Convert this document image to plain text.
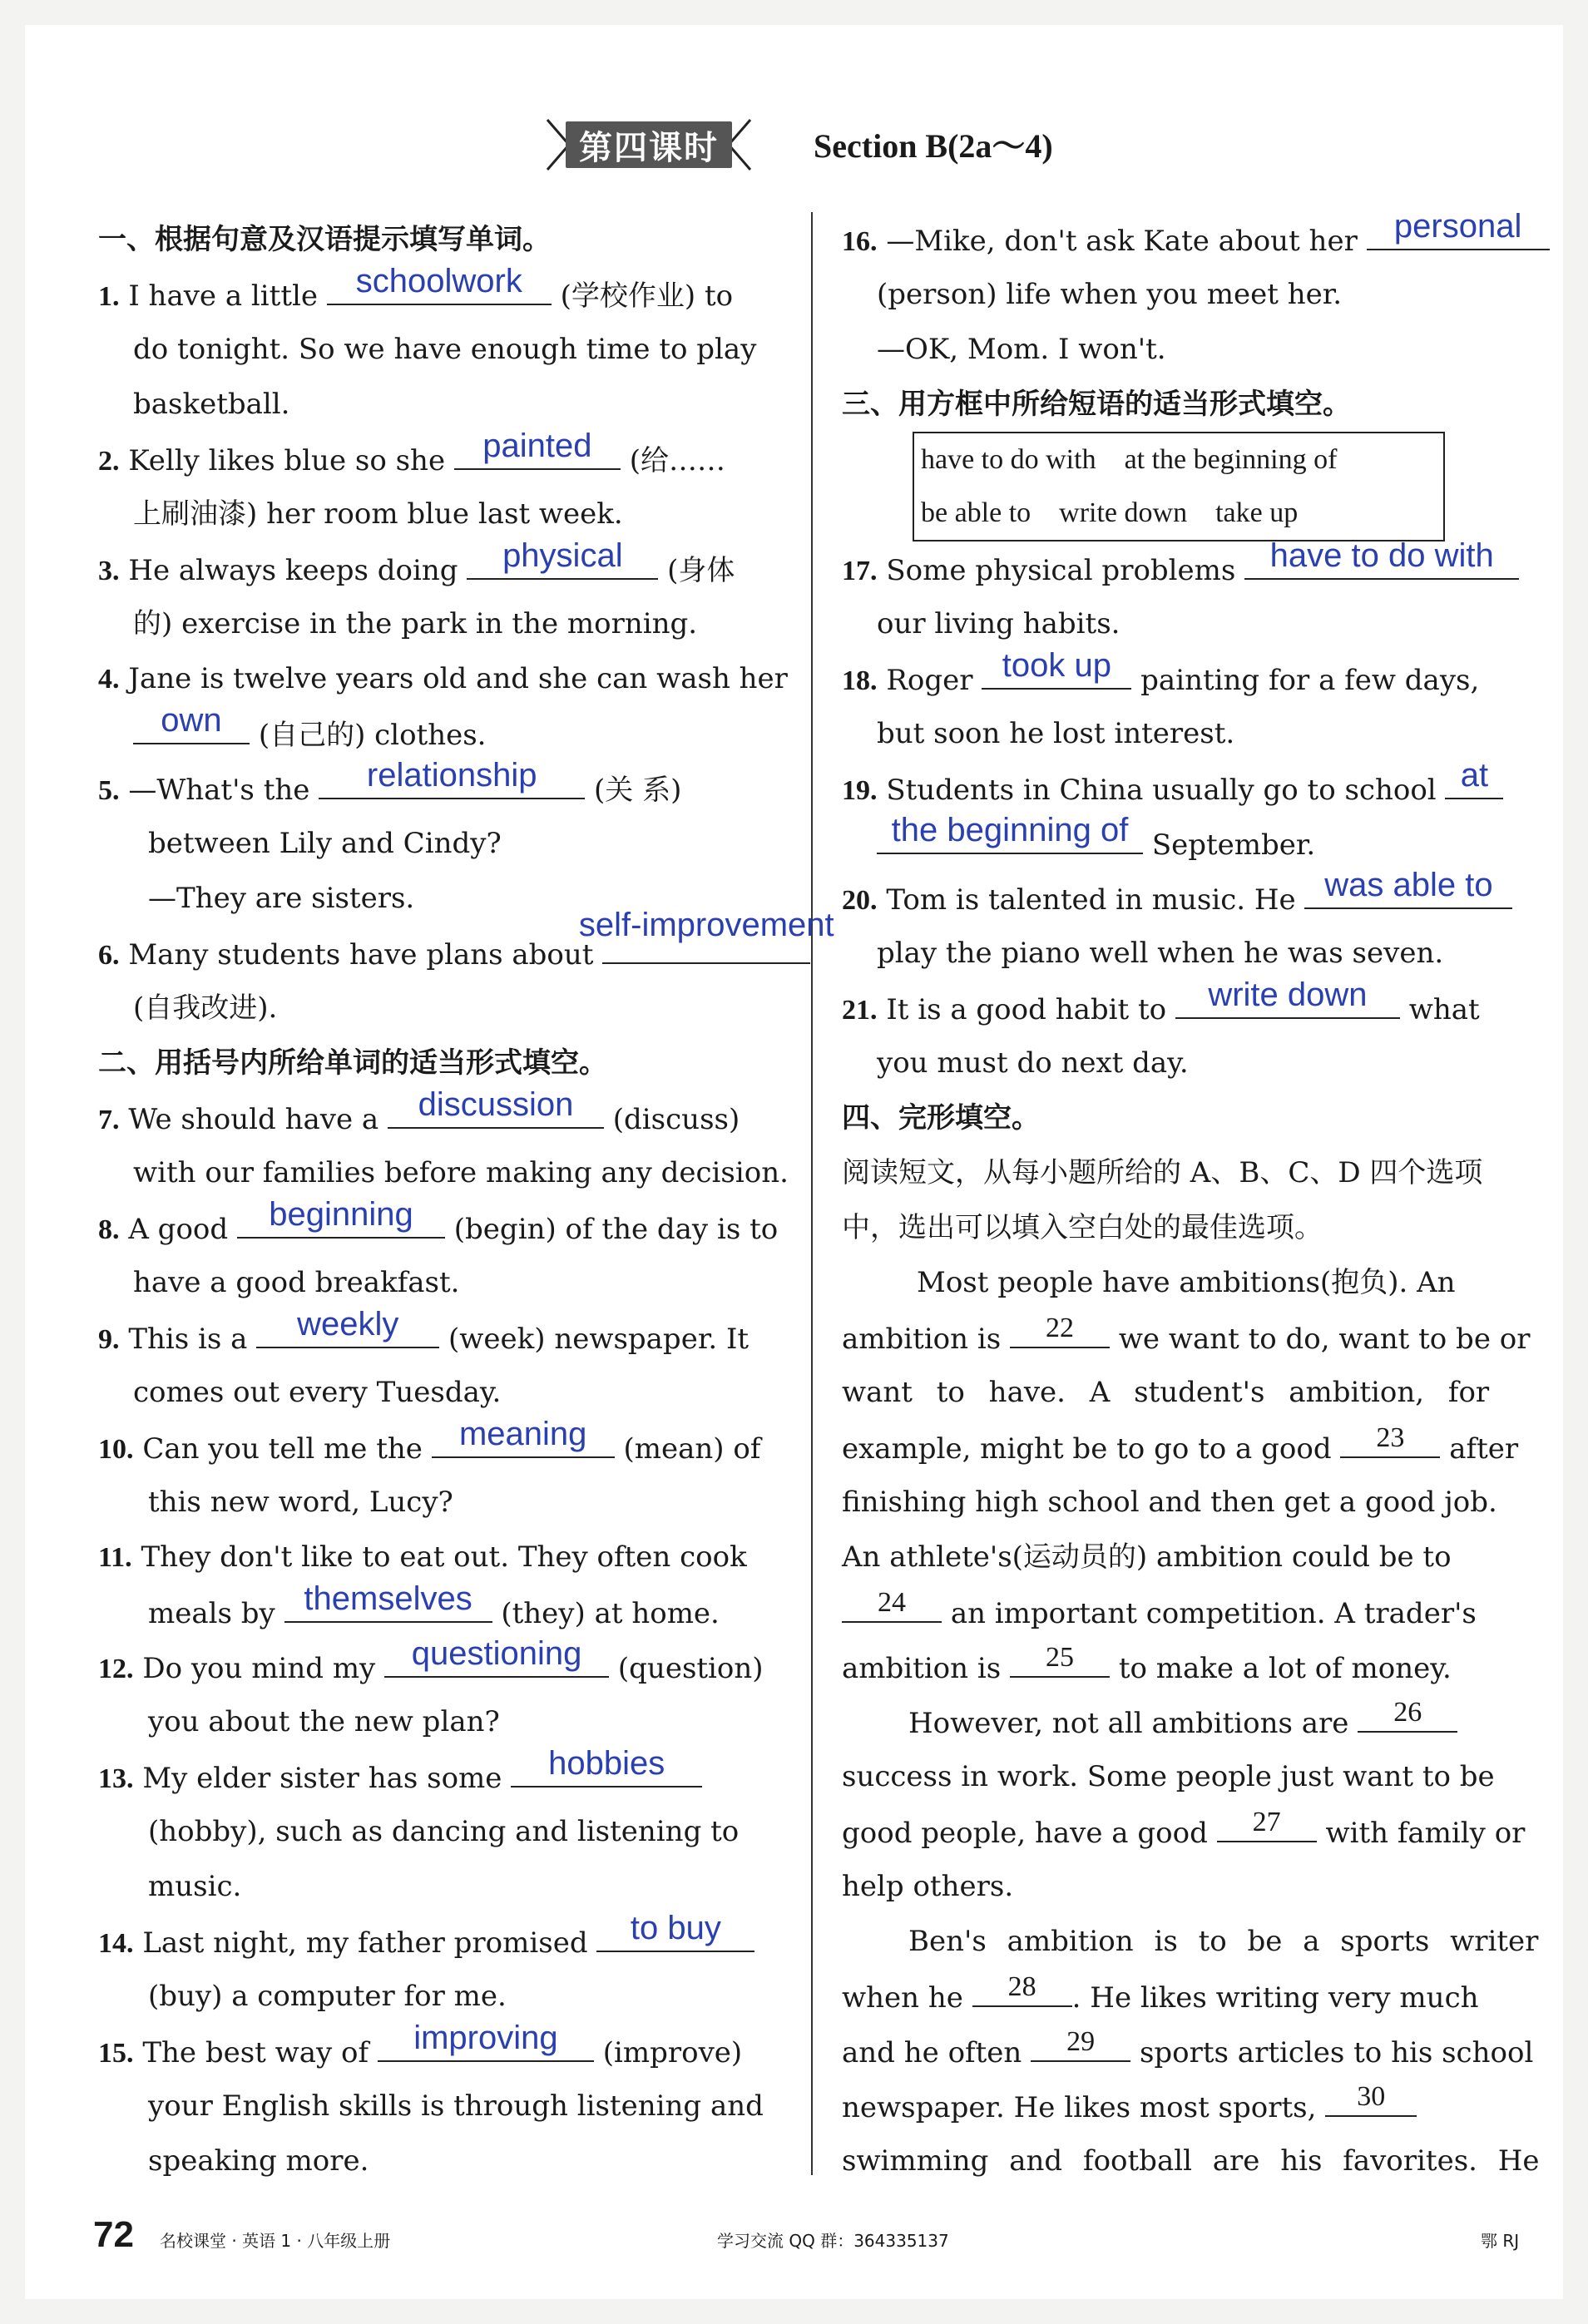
第四课时	Section B(2a～4)
一、根据句意及汉语提示填写单词。
1. I have a little	schoolwork	(学校作业) to
do tonight. So we have enough time to play
basketball.
2. Kelly likes blue so she	painted	(给……
上刷油漆) her room blue last week.
3. He always keeps doing	physical	(身体
的) exercise in the park in the morning.
4. Jane is twelve years old and she can wash her
own	(自己的) clothes.
5. —What's the	relationship	(关 系)
between Lily and Cindy?
—They are sisters.
6. Many students have plans about
self-improvement
(自我改进).
二、用括号内所给单词的适当形式填空。
7. We should have a	discussion	(discuss)
with our families before making any decision.
8. A good	beginning	(begin) of the day is to
have a good breakfast.
9. This is a	weekly	(week) newspaper. It
comes out every Tuesday.
10. Can you tell me the	meaning	(mean) of
this new word, Lucy?
11. They don't like to eat out. They often cook
meals by themselves	(they) at home.
12. Do you mind my	questioning	(question)
you about the new plan?
13. My elder sister has some	hobbies
(hobby), such as dancing and listening to
music.
14. Last night, my father promised	to buy
(buy) a computer for me.
15. The best way of	improving	(improve)
your English skills is through listening and
speaking more.
16. —Mike, don't ask Kate about her	personal
(person) life when you meet her.
—OK, Mom. I won't.
三、用方框中所给短语的适当形式填空。
have to do with    at the beginning of
be able to    write down    take up
17. Some physical problems	have to do with
our living habits.
18. Roger took up	painting for a few days,
but soon he lost interest.
19. Students in China usually go to school at
the beginning of September.
20. Tom is talented in music. He was able to
play the piano well when he was seven.
21. It is a good habit to	write down	what
you must do next day.
四、完形填空。
阅读短文，从每小题所给的 A、B、C、D 四个选项
中，选出可以填入空白处的最佳选项。
Most people have ambitions(抱负). An
ambition is	22	we want to do, want to be or
want to have. A student's ambition, for
example, might be to go to a good	23	after
finishing high school and then get a good job.
An athlete's(运动员的) ambition could be to
24	an important competition. A trader's
ambition is	25	to make a lot of money.
However, not all ambitions are	26
success in work. Some people just want to be
good people, have a good	27	with family or
help others.
Ben's ambition is to be a sports writer
when he	28	. He likes writing very much
and he often	29	sports articles to his school
newspaper. He likes most sports,	30
swimming and football are his favorites. He
72 名校课堂 · 英语 1 · 八年级上册	学习交流 QQ 群：364335137	鄂 RJ
